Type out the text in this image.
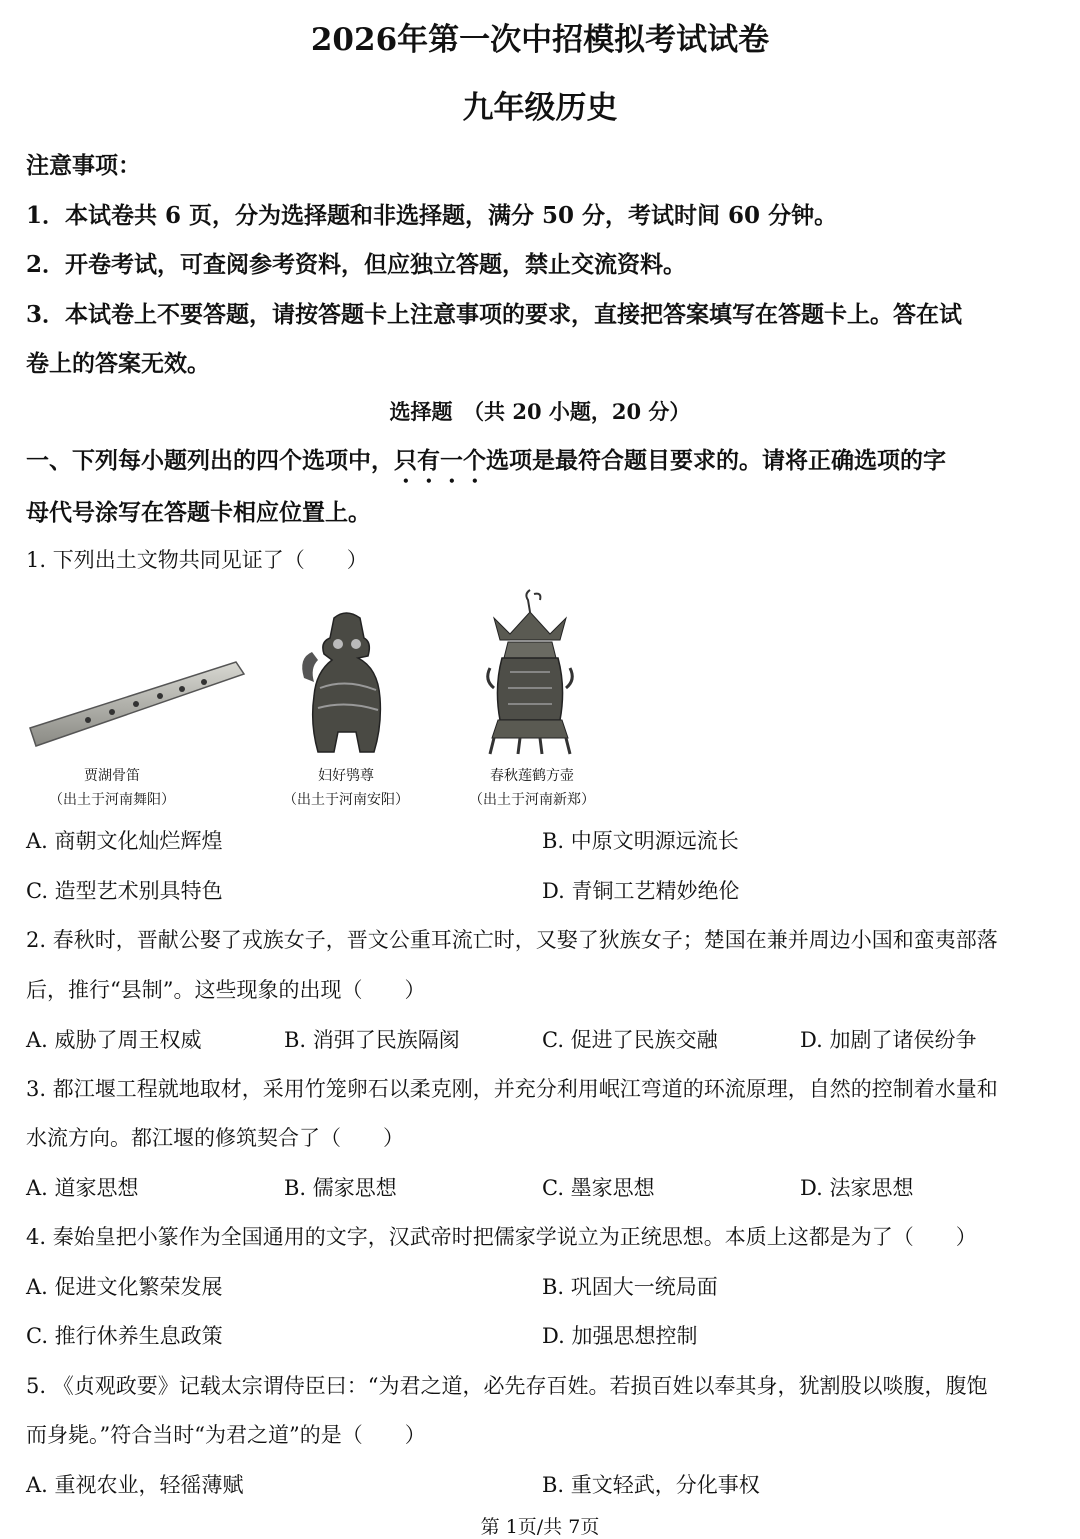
2026年第一次中招模拟考试试卷
九年级历史
注意事项：
1．本试卷共 6 页，分为选择题和非选择题，满分 50 分，考试时间 60 分钟。
2．开卷考试，可查阅参考资料，但应独立答题，禁止交流资料。
3．本试卷上不要答题，请按答题卡上注意事项的要求，直接把答案填写在答题卡上。答在试
卷上的答案无效。
选择题　（共 20 小题，20 分）
一、下列每小题列出的四个选项中，只有一个选项是最符合题目要求的。请将正确选项的字
母代号涂写在答题卡相应位置上。
1. 下列出土文物共同见证了（　　）
贾湖骨笛
（出土于河南舞阳）
妇好鸮尊
（出土于河南安阳）
春秋莲鹤方壶
（出土于河南新郑）
A. 商朝文化灿烂辉煌	B. 中原文明源远流长
C. 造型艺术别具特色	D. 青铜工艺精妙绝伦
2. 春秋时，晋献公娶了戎族女子，晋文公重耳流亡时，又娶了狄族女子；楚国在兼并周边小国和蛮夷部落
后，推行“县制”。这些现象的出现（　　）
A. 威胁了周王权威	B. 消弭了民族隔阂	C. 促进了民族交融	D. 加剧了诸侯纷争
3. 都江堰工程就地取材，采用竹笼卵石以柔克刚，并充分利用岷江弯道的环流原理，自然的控制着水量和
水流方向。都江堰的修筑契合了（　　）
A. 道家思想	B. 儒家思想	C. 墨家思想	D. 法家思想
4. 秦始皇把小篆作为全国通用的文字，汉武帝时把儒家学说立为正统思想。本质上这都是为了（　　）
A. 促进文化繁荣发展	B. 巩固大一统局面
C. 推行休养生息政策	D. 加强思想控制
5. 《贞观政要》记载太宗谓侍臣曰：“为君之道，必先存百姓。若损百姓以奉其身，犹割股以啖腹，腹饱
而身毙。”符合当时“为君之道”的是（　　）
A. 重视农业，轻徭薄赋	B. 重文轻武，分化事权
第 1页/共 7页
